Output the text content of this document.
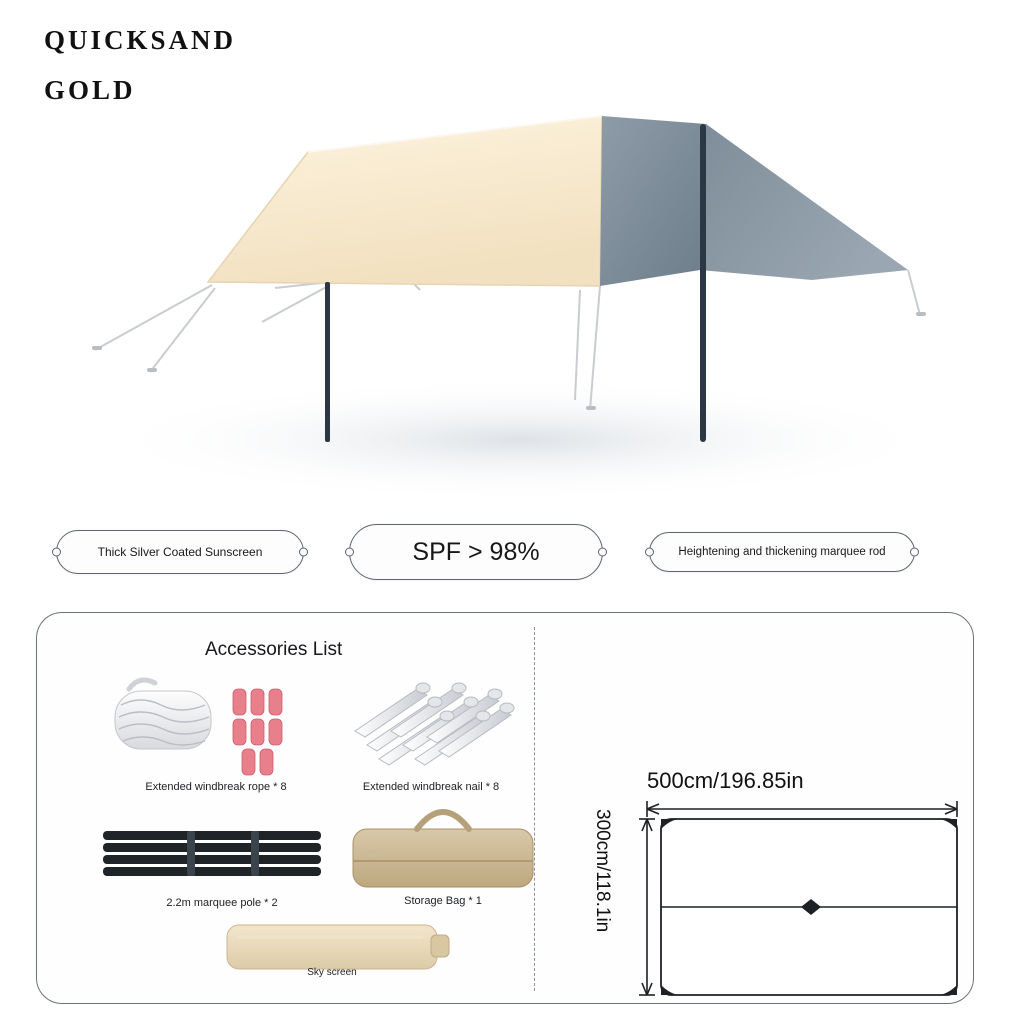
QUICKSAND
GOLD
Thick Silver Coated Sunscreen	SPF > 98%	Heightening and thickening marquee rod
Accessories List
Extended windbreak rope * 8	Extended windbreak nail * 8
2.2m marquee pole * 2	Storage Bag * 1
Sky screen
500cm/196.85in
300cm/118.1in
